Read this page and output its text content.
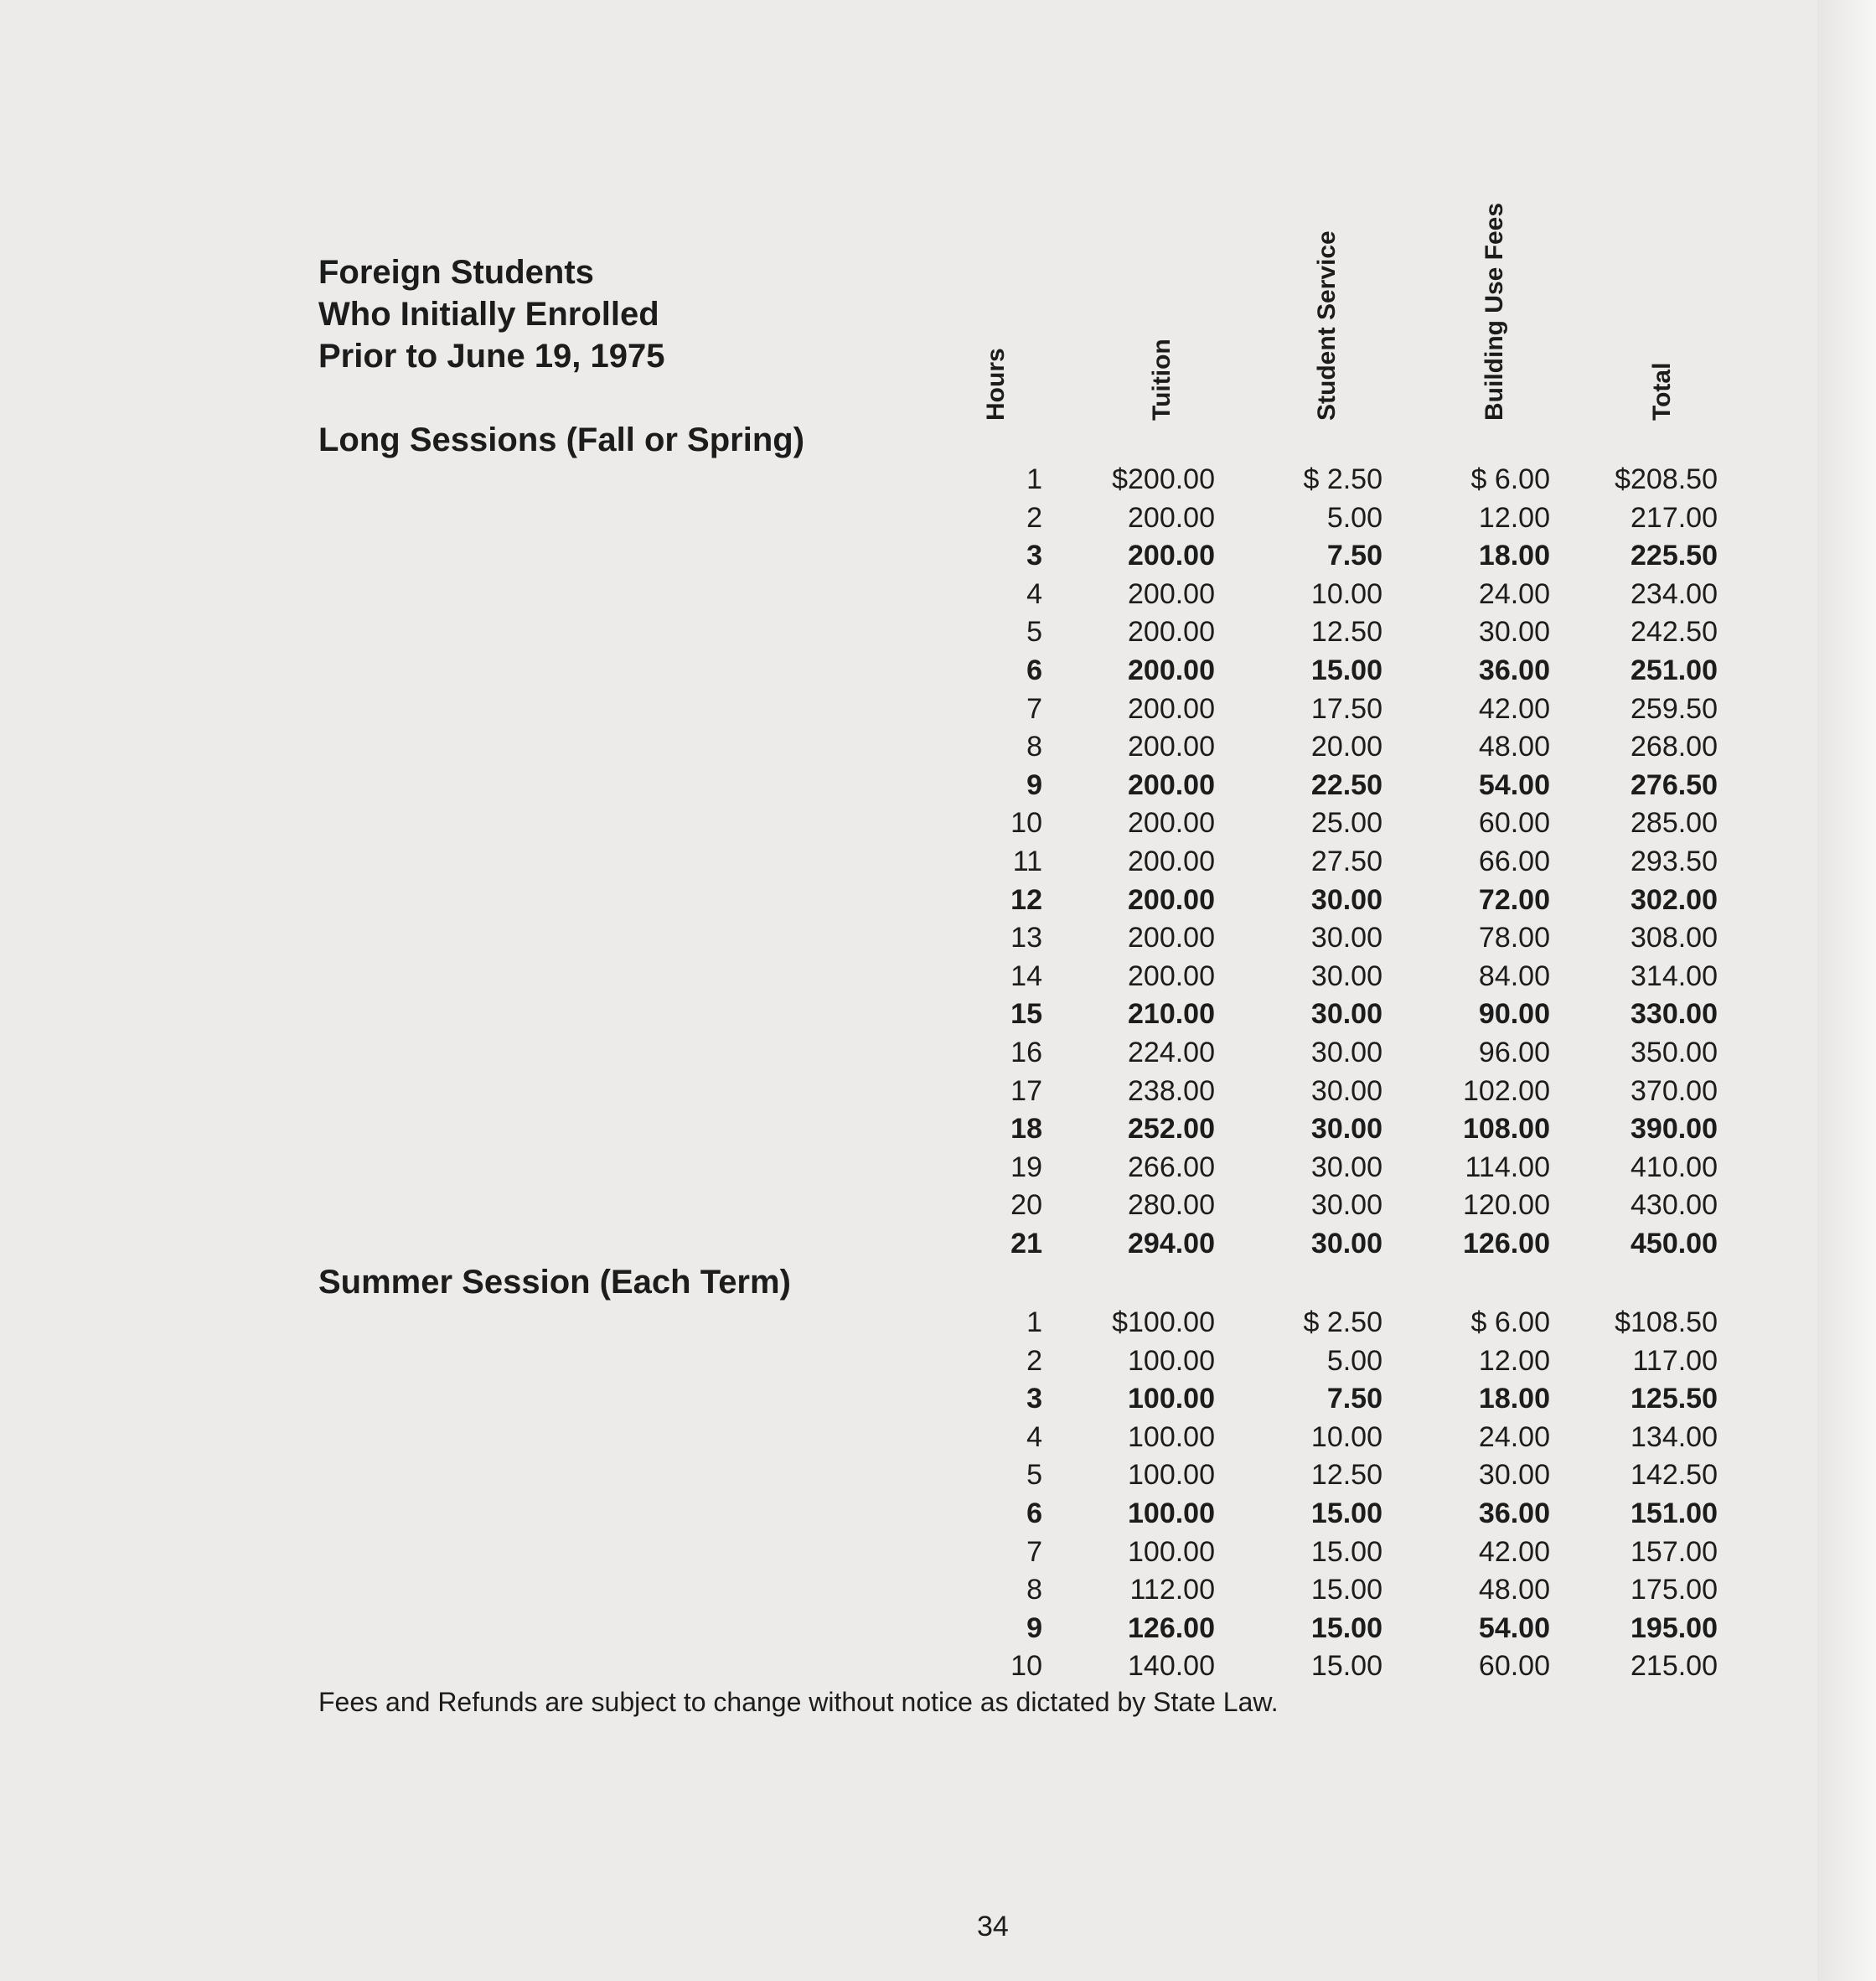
Foreign Students
Who Initially Enrolled
Prior to June 19, 1975	Hours	Tuition	Student Service	Building Use Fees	Total
Long Sessions (Fall or Spring)
Summer Session (Each Term)
1	$200.00	$ 2.50	$ 6.00	$208.50
2	200.00	5.00	12.00	217.00
3	200.00	7.50	18.00	225.50
4	200.00	10.00	24.00	234.00
5	200.00	12.50	30.00	242.50
6	200.00	15.00	36.00	251.00
7	200.00	17.50	42.00	259.50
8	200.00	20.00	48.00	268.00
9	200.00	22.50	54.00	276.50
10	200.00	25.00	60.00	285.00
11	200.00	27.50	66.00	293.50
12	200.00	30.00	72.00	302.00
13	200.00	30.00	78.00	308.00
14	200.00	30.00	84.00	314.00
15	210.00	30.00	90.00	330.00
16	224.00	30.00	96.00	350.00
17	238.00	30.00	102.00	370.00
18	252.00	30.00	108.00	390.00
19	266.00	30.00	114.00	410.00
20	280.00	30.00	120.00	430.00
21	294.00	30.00	126.00	450.00
1	$100.00	$ 2.50	$ 6.00	$108.50
2	100.00	5.00	12.00	117.00
3	100.00	7.50	18.00	125.50
4	100.00	10.00	24.00	134.00
5	100.00	12.50	30.00	142.50
6	100.00	15.00	36.00	151.00
7	100.00	15.00	42.00	157.00
8	112.00	15.00	48.00	175.00
9	126.00	15.00	54.00	195.00
10	140.00	15.00	60.00	215.00
Fees and Refunds are subject to change without notice as dictated by State Law.
34
